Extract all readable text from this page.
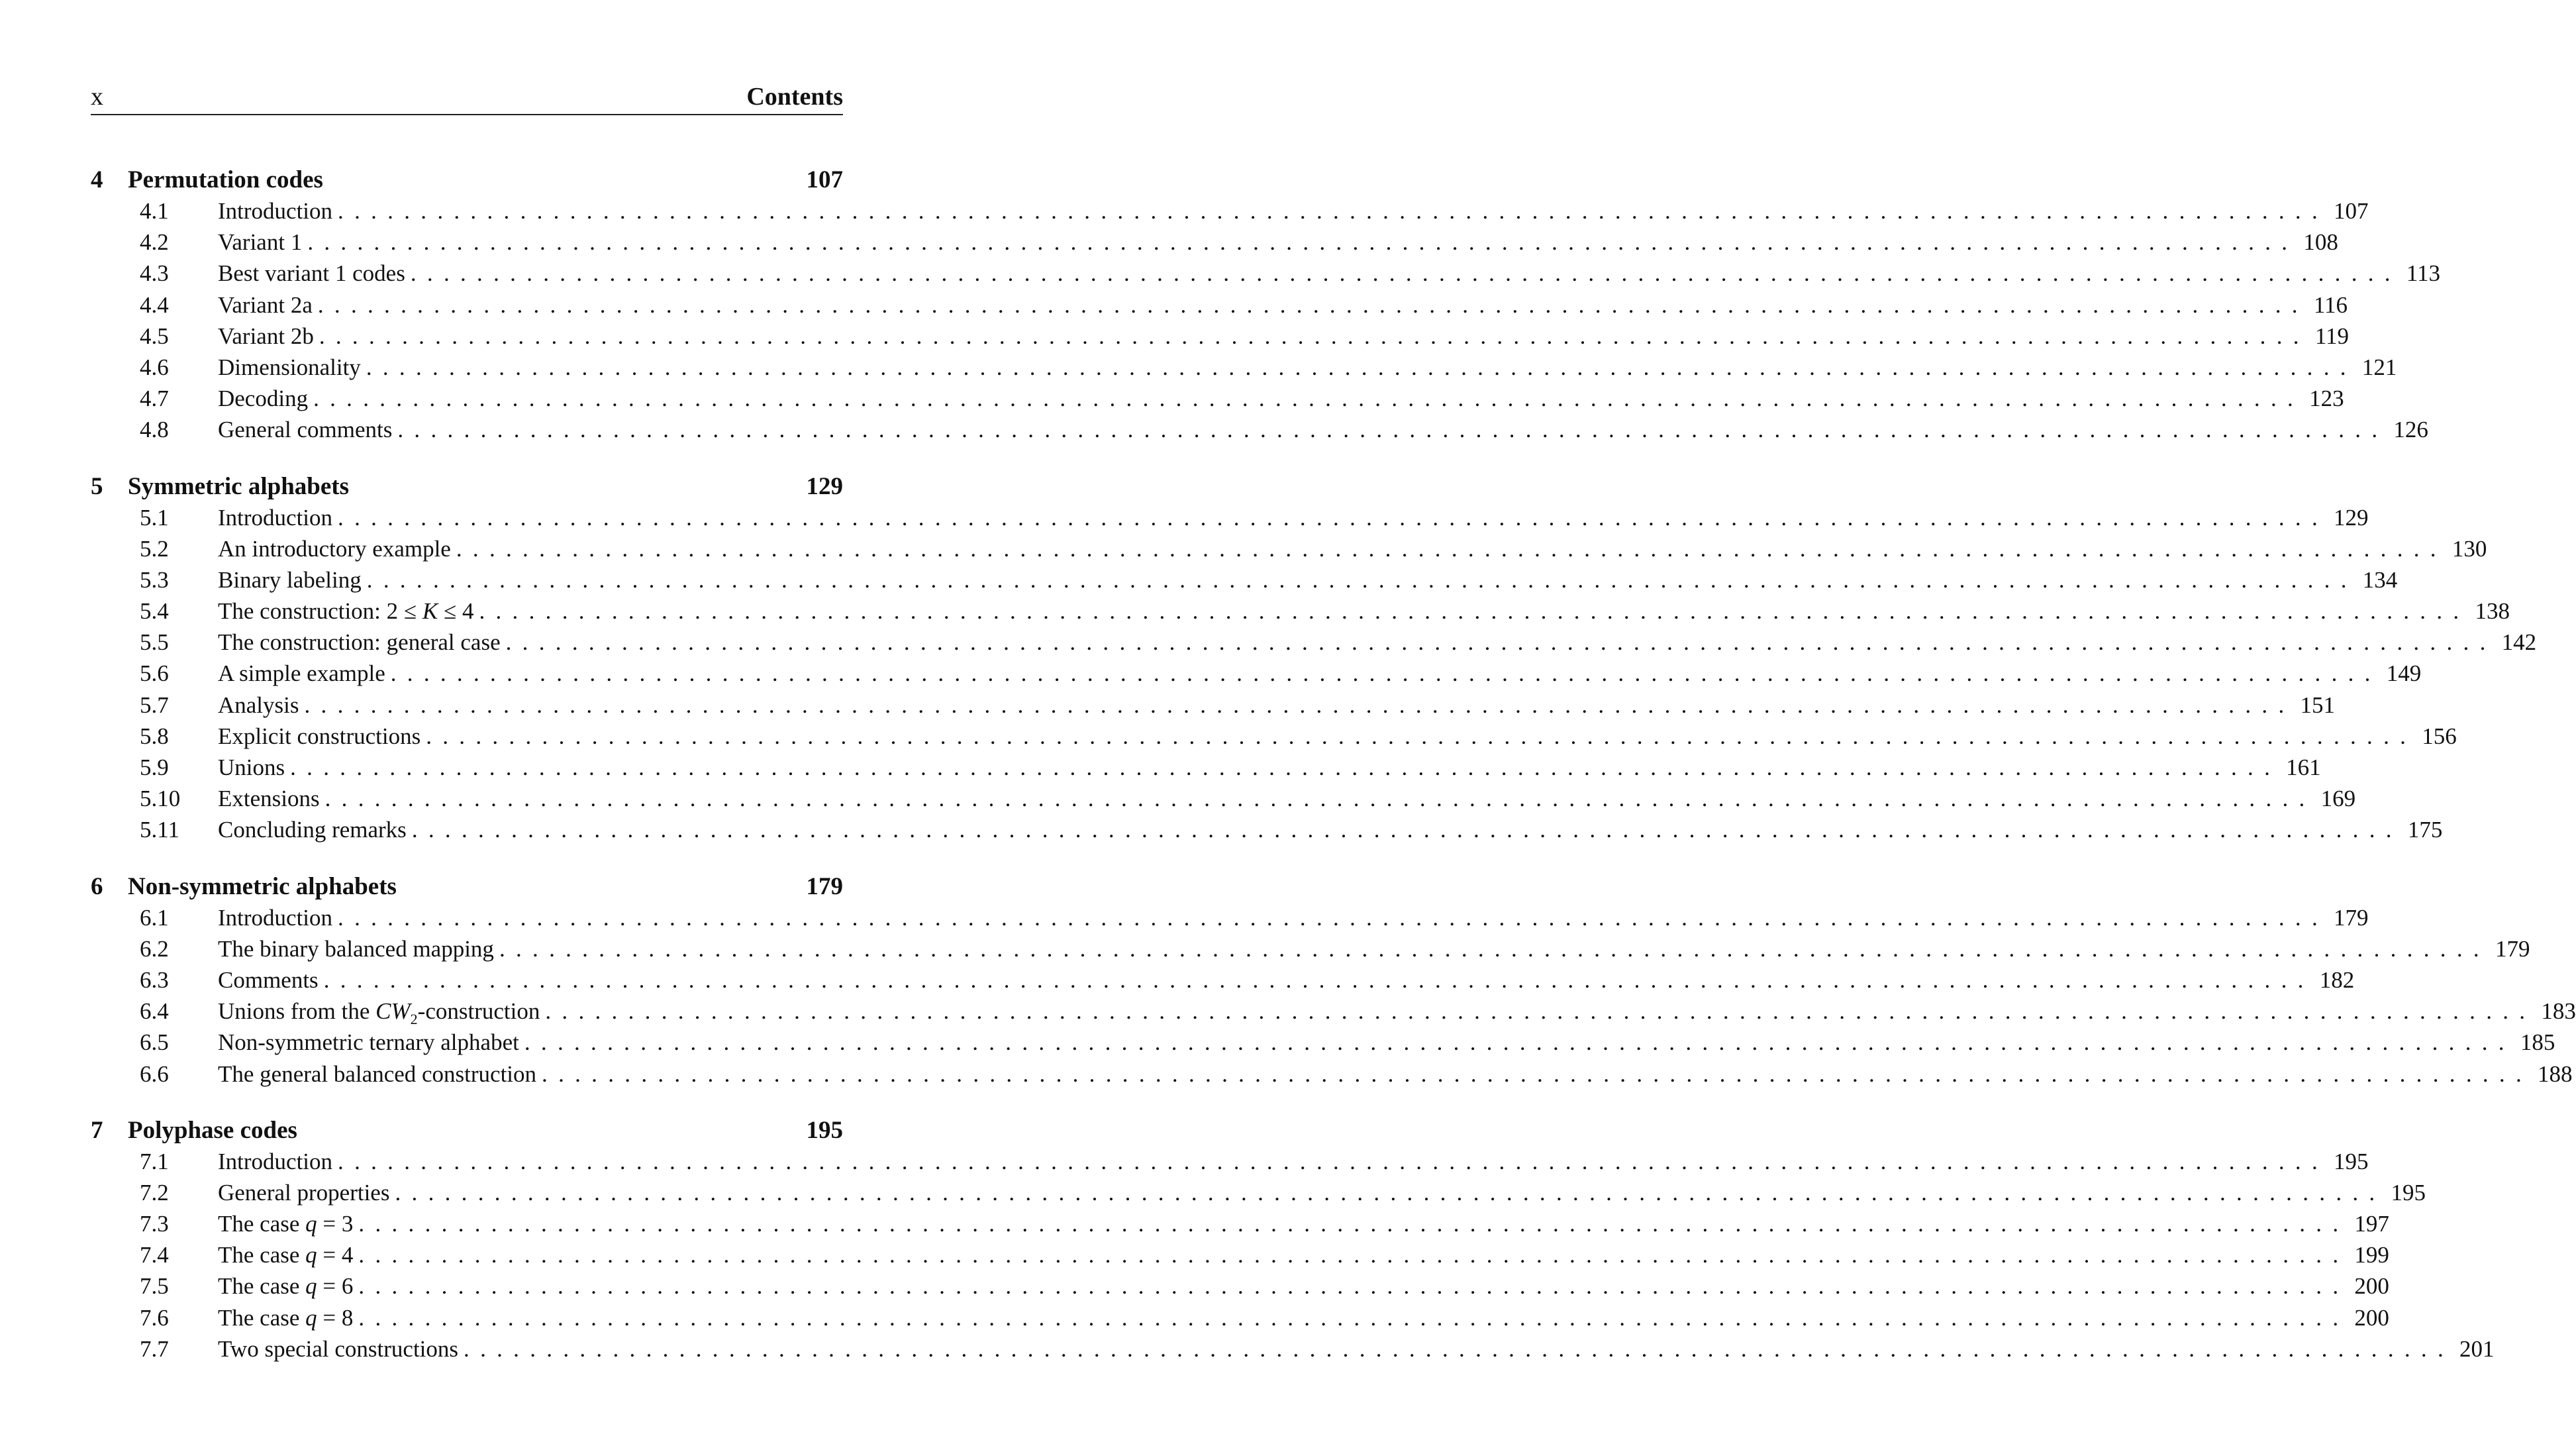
x	Contents
4 Permutation codes	107
4.1 Introduction ........................................................................................................................ 107
4.2 Variant 1 ........................................................................................................................ 108
4.3 Best variant 1 codes ........................................................................................................................ 113
4.4 Variant 2a ........................................................................................................................ 116
4.5 Variant 2b ........................................................................................................................ 119
4.6 Dimensionality ........................................................................................................................ 121
4.7 Decoding ........................................................................................................................ 123
4.8 General comments ........................................................................................................................ 126
5 Symmetric alphabets	129
5.1 Introduction ........................................................................................................................ 129
5.2 An introductory example ........................................................................................................................ 130
5.3 Binary labeling ........................................................................................................................ 134
5.4 The construction: 2 ≤ K ≤ 4 ........................................................................................................................ 138
5.5 The construction: general case ........................................................................................................................ 142
5.6 A simple example ........................................................................................................................ 149
5.7 Analysis ........................................................................................................................ 151
5.8 Explicit constructions ........................................................................................................................ 156
5.9 Unions ........................................................................................................................ 161
5.10 Extensions ........................................................................................................................ 169
5.11 Concluding remarks ........................................................................................................................ 175
6 Non-symmetric alphabets	179
6.1 Introduction ........................................................................................................................ 179
6.2 The binary balanced mapping ........................................................................................................................ 179
6.3 Comments ........................................................................................................................ 182
6.4 Unions from the $CW_2$-construction ........................................................................................................................ 183
6.5 Non-symmetric ternary alphabet ........................................................................................................................ 185
6.6 The general balanced construction ........................................................................................................................ 188
7 Polyphase codes	195
7.1 Introduction ........................................................................................................................ 195
7.2 General properties ........................................................................................................................ 195
7.3 The case q = 3 ........................................................................................................................ 197
7.4 The case q = 4 ........................................................................................................................ 199
7.5 The case q = 6 ........................................................................................................................ 200
7.6 The case q = 8 ........................................................................................................................ 200
7.7 Two special constructions ........................................................................................................................ 201
